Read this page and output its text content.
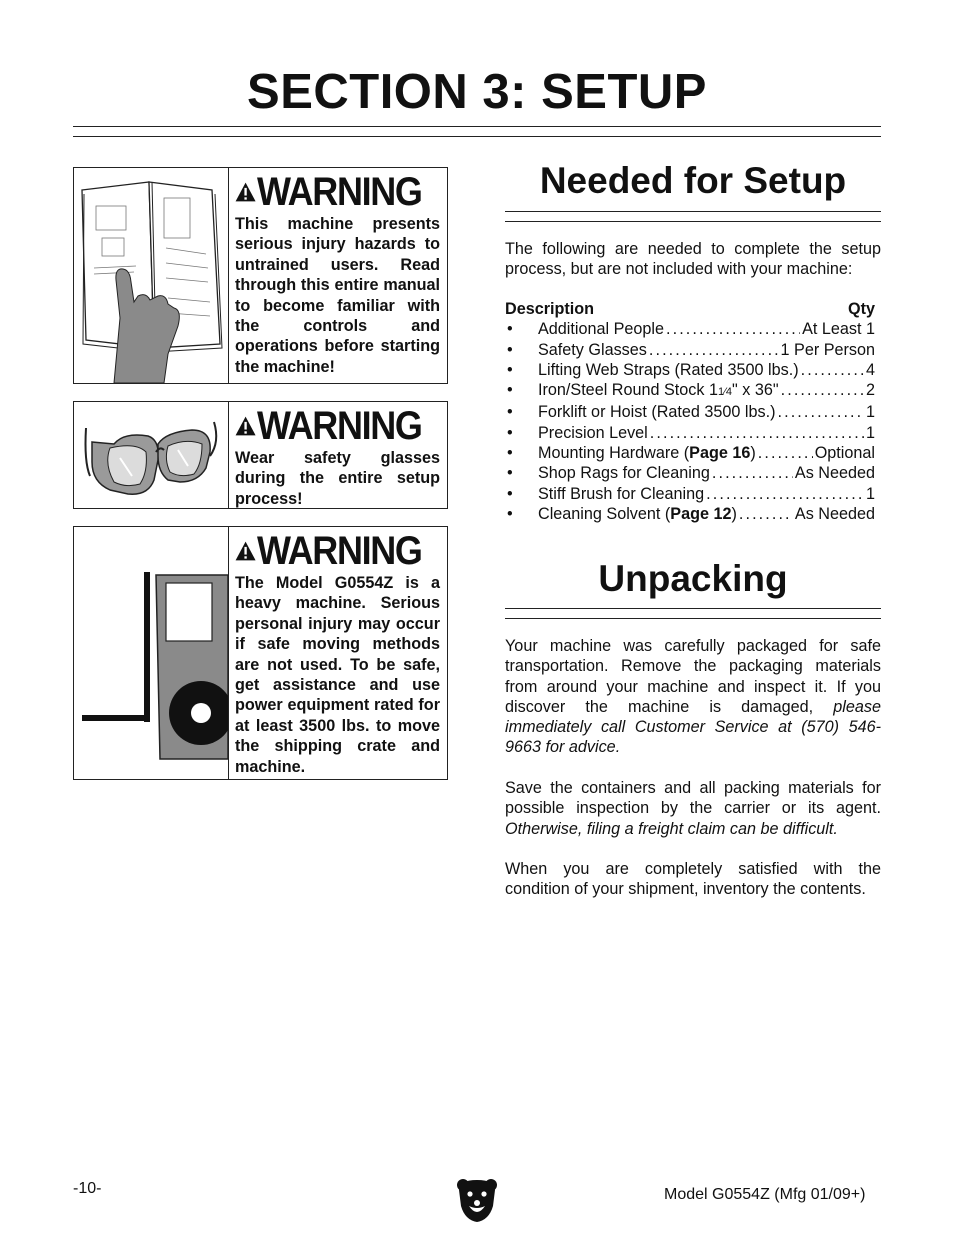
SECTION 3: SETUP
WARNING
This machine presents serious injury hazards to untrained users. Read through this entire manual to become familiar with the controls and operations before starting the machine!
WARNING
Wear safety glasses during the entire setup process!
WARNING
The Model G0554Z is a heavy machine. Serious personal injury may occur if safe moving methods are not used. To be safe, get assistance and use power equipment rated for at least 3500 lbs. to move the shipping crate and machine.
Needed for Setup

The following are needed to complete the setup process, but are not included with your machine:

Description	Qty
•	Additional People . . .	At Least 1
•	Safety Glasses . . .	1 Per Person
•	Lifting Web Straps (Rated 3500 lbs.) . . .	4
•	Iron/Steel Round Stock 11⁄4" x 36" . . .	2
•	Forklift or Hoist (Rated 3500 lbs.) . . .	1
•	Precision Level . . .	1
•	Mounting Hardware (Page 16) . . .	Optional
•	Shop Rags for Cleaning . . .	As Needed
•	Stiff Brush for Cleaning . . .	1
•	Cleaning Solvent (Page 12) . . .	As Needed
Unpacking

Your machine was carefully packaged for safe transportation. Remove the packaging materials from around your machine and inspect it. If you discover the machine is damaged, please immediately call Customer Service at (570) 546-9663 for advice.

Save the containers and all packing materials for possible inspection by the carrier or its agent. Otherwise, filing a freight claim can be difficult.

When you are completely satisfied with the condition of your shipment, inventory the contents.

-10-	Model G0554Z (Mfg 01/09+)
